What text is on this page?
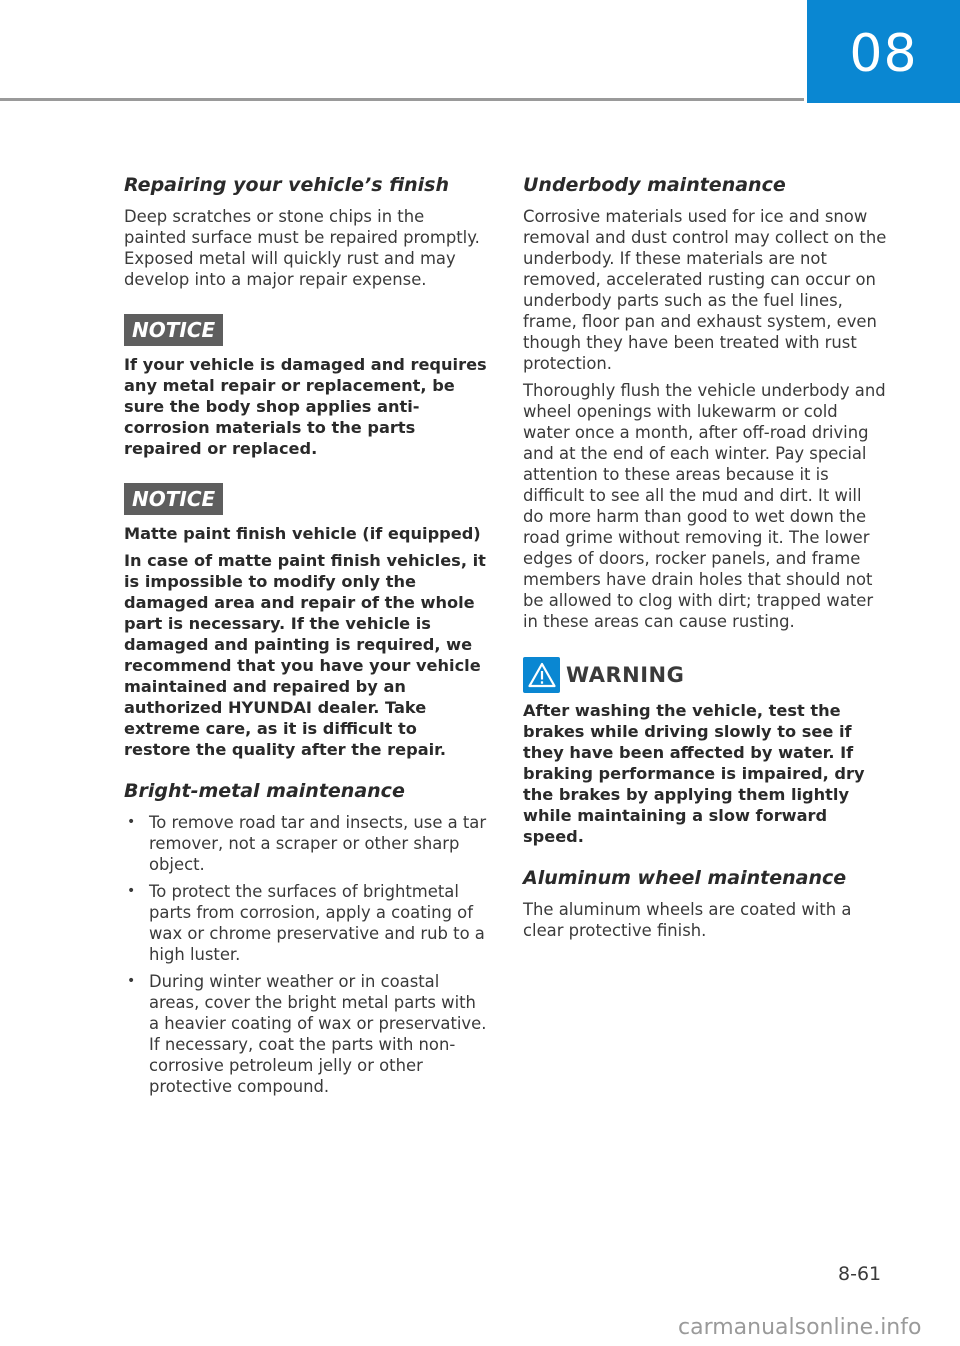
08
Repairing your vehicle’s finish

Deep scratches or stone chips in the painted surface must be repaired promptly. Exposed metal will quickly rust and may develop into a major repair expense.

NOTICE

If your vehicle is damaged and requires any metal repair or replacement, be sure the body shop applies anti-corrosion materials to the parts repaired or replaced.

NOTICE

Matte paint finish vehicle (if equipped)

In case of matte paint finish vehicles, it is impossible to modify only the damaged area and repair of the whole part is necessary. If the vehicle is damaged and painting is required, we recommend that you have your vehicle maintained and repaired by an authorized HYUNDAI dealer. Take extreme care, as it is difficult to restore the quality after the repair.

Bright-metal maintenance
• To remove road tar and insects, use a tar remover, not a scraper or other sharp object.
• To protect the surfaces of brightmetal parts from corrosion, apply a coating of wax or chrome preservative and rub to a high luster.
• During winter weather or in coastal areas, cover the bright metal parts with a heavier coating of wax or preservative. If necessary, coat the parts with non-corrosive petroleum jelly or other protective compound.
Underbody maintenance

Corrosive materials used for ice and snow removal and dust control may collect on the underbody. If these materials are not removed, accelerated rusting can occur on underbody parts such as the fuel lines, frame, floor pan and exhaust system, even though they have been treated with rust protection.

Thoroughly flush the vehicle underbody and wheel openings with lukewarm or cold water once a month, after off-road driving and at the end of each winter. Pay special attention to these areas because it is difficult to see all the mud and dirt. It will do more harm than good to wet down the road grime without removing it. The lower edges of doors, rocker panels, and frame members have drain holes that should not be allowed to clog with dirt; trapped water in these areas can cause rusting.

WARNING

After washing the vehicle, test the brakes while driving slowly to see if they have been affected by water. If braking performance is impaired, dry the brakes by applying them lightly while maintaining a slow forward speed.

Aluminum wheel maintenance

The aluminum wheels are coated with a clear protective finish.

8-61
carmanualsonline.info
